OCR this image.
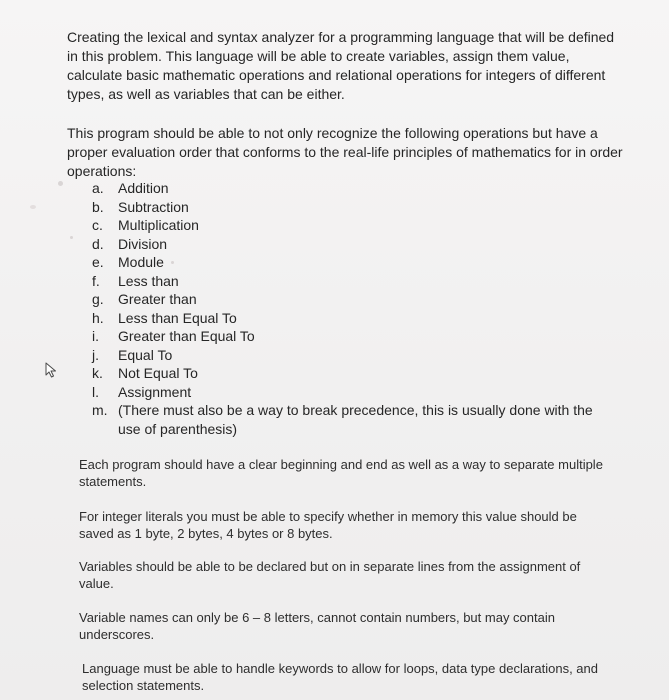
Creating the lexical and syntax analyzer for a programming language that will be defined in this problem. This language will be able to create variables, assign them value, calculate basic mathematic operations and relational operations for integers of different types, as well as variables that can be either.

This program should be able to not only recognize the following operations but have a proper evaluation order that conforms to the real-life principles of mathematics for in order operations:

a.	Addition
b.	Subtraction
c.	Multiplication
d.	Division
e.	Module
f.	Less than
g.	Greater than
h.	Less than Equal To
i.	Greater than Equal To
j.	Equal To
k.	Not Equal To
l.	Assignment
m. (There must also be a way to break precedence, this is usually done with the use of parenthesis)

Each program should have a clear beginning and end as well as a way to separate multiple statements.

For integer literals you must be able to specify whether in memory this value should be saved as 1 byte, 2 bytes, 4 bytes or 8 bytes.

Variables should be able to be declared but on in separate lines from the assignment of value.

Variable names can only be 6 – 8 letters, cannot contain numbers, but may contain underscores.

Language must be able to handle keywords to allow for loops, data type declarations, and selection statements.
